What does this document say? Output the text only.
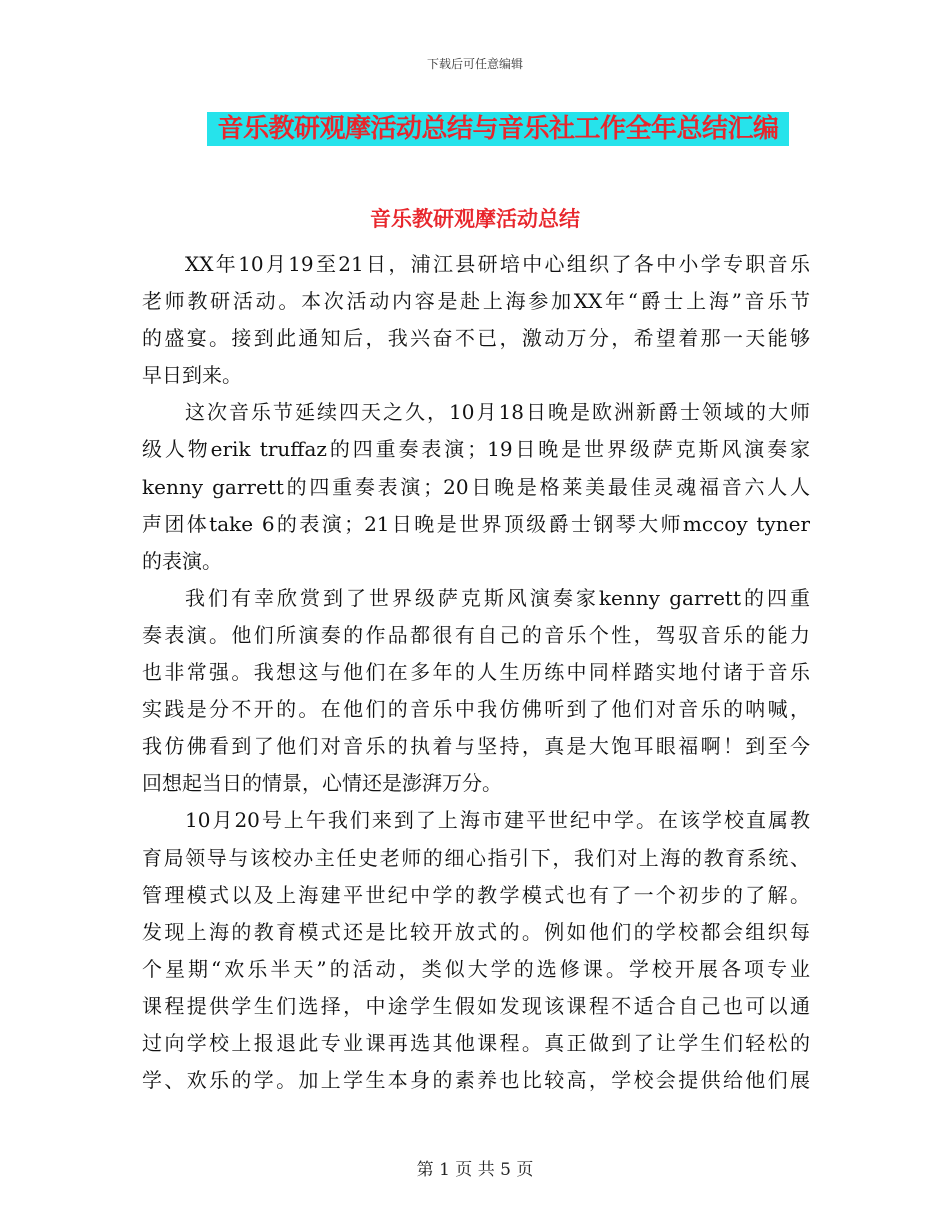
下载后可任意编辑
音乐教研观摩活动总结与音乐社工作全年总结汇编
音乐教研观摩活动总结
XX年10月19至21日，浦江县研培中心组织了各中小学专职音乐
老师教研活动。本次活动内容是赴上海参加XX年“爵士上海”音乐节
的盛宴。接到此通知后，我兴奋不已，激动万分，希望着那一天能够
早日到来。
这次音乐节延续四天之久，10月18日晚是欧洲新爵士领域的大师
级人物erik truffaz的四重奏表演；19日晚是世界级萨克斯风演奏家
kenny garrett的四重奏表演；20日晚是格莱美最佳灵魂福音六人人
声团体take 6的表演；21日晚是世界顶级爵士钢琴大师mccoy tyner
的表演。
我们有幸欣赏到了世界级萨克斯风演奏家kenny garrett的四重
奏表演。他们所演奏的作品都很有自己的音乐个性，驾驭音乐的能力
也非常强。我想这与他们在多年的人生历练中同样踏实地付诸于音乐
实践是分不开的。在他们的音乐中我仿佛听到了他们对音乐的呐喊，
我仿佛看到了他们对音乐的执着与坚持，真是大饱耳眼福啊！到至今
回想起当日的情景，心情还是澎湃万分。
10月20号上午我们来到了上海市建平世纪中学。在该学校直属教
育局领导与该校办主任史老师的细心指引下，我们对上海的教育系统、
管理模式以及上海建平世纪中学的教学模式也有了一个初步的了解。
发现上海的教育模式还是比较开放式的。例如他们的学校都会组织每
个星期“欢乐半天”的活动，类似大学的选修课。学校开展各项专业
课程提供学生们选择，中途学生假如发现该课程不适合自己也可以通
过向学校上报退此专业课再选其他课程。真正做到了让学生们轻松的
学、欢乐的学。加上学生本身的素养也比较高，学校会提供给他们展
第 1 页 共 5 页
